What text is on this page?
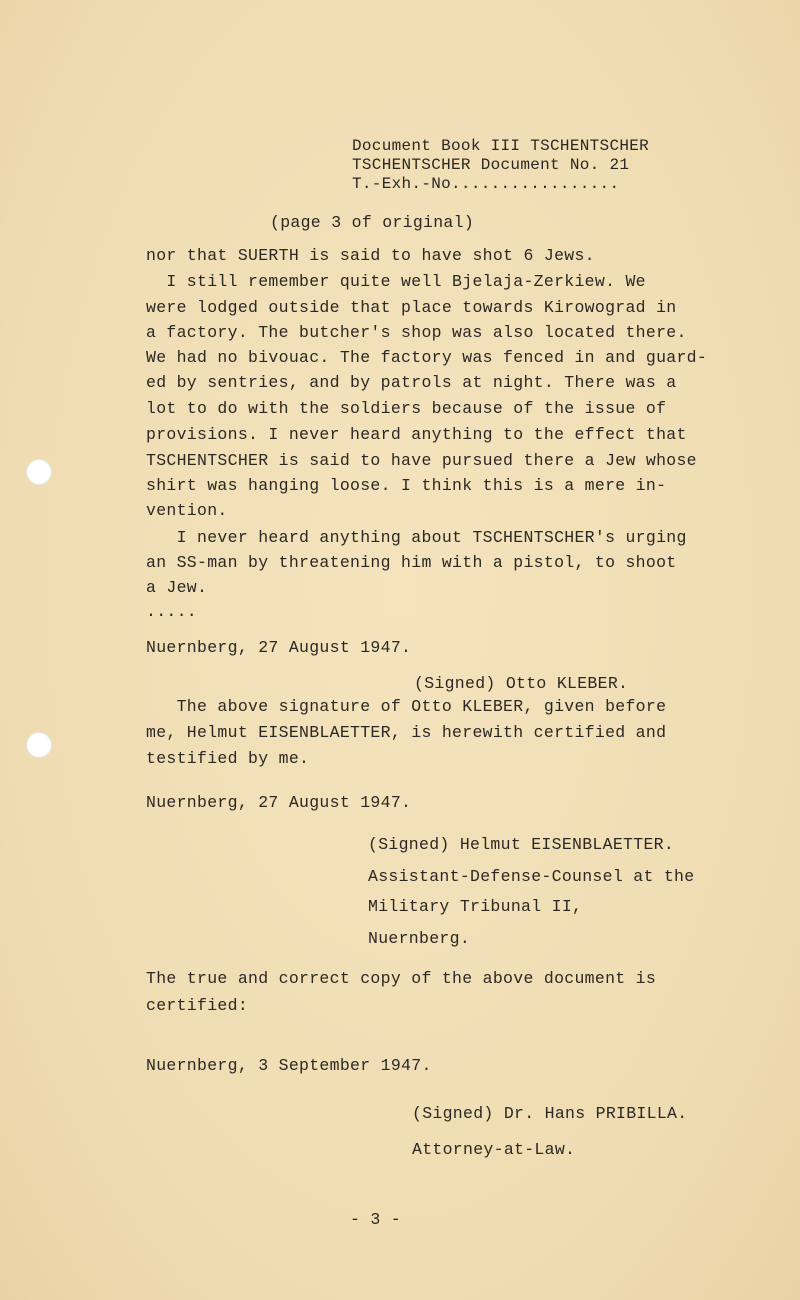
Document Book III TSCHENTSCHER
TSCHENTSCHER Document No. 21
T.-Exh.-No.................
(page 3 of original)
nor that SUERTH is said to have shot 6 Jews.
I still remember quite well Bjelaja-Zerkiew. We
were lodged outside that place towards Kirowograd in
a factory. The butcher's shop was also located there.
We had no bivouac. The factory was fenced in and guard-
ed by sentries, and by patrols at night. There was a
lot to do with the soldiers because of the issue of
provisions. I never heard anything to the effect that
TSCHENTSCHER is said to have pursued there a Jew whose
shirt was hanging loose. I think this is a mere in-
vention.
I never heard anything about TSCHENTSCHER's urging
an SS-man by threatening him with a pistol, to shoot
a Jew.
.....
Nuernberg, 27 August 1947.
(Signed) Otto KLEBER.
The above signature of Otto KLEBER, given before
me, Helmut EISENBLAETTER, is herewith certified and
testified by me.
Nuernberg, 27 August 1947.
(Signed) Helmut EISENBLAETTER.
Assistant-Defense-Counsel at the
Military Tribunal II,
Nuernberg.
The true and correct copy of the above document is
certified:
Nuernberg, 3 September 1947.
(Signed) Dr. Hans PRIBILLA.
Attorney-at-Law.
- 3 -
